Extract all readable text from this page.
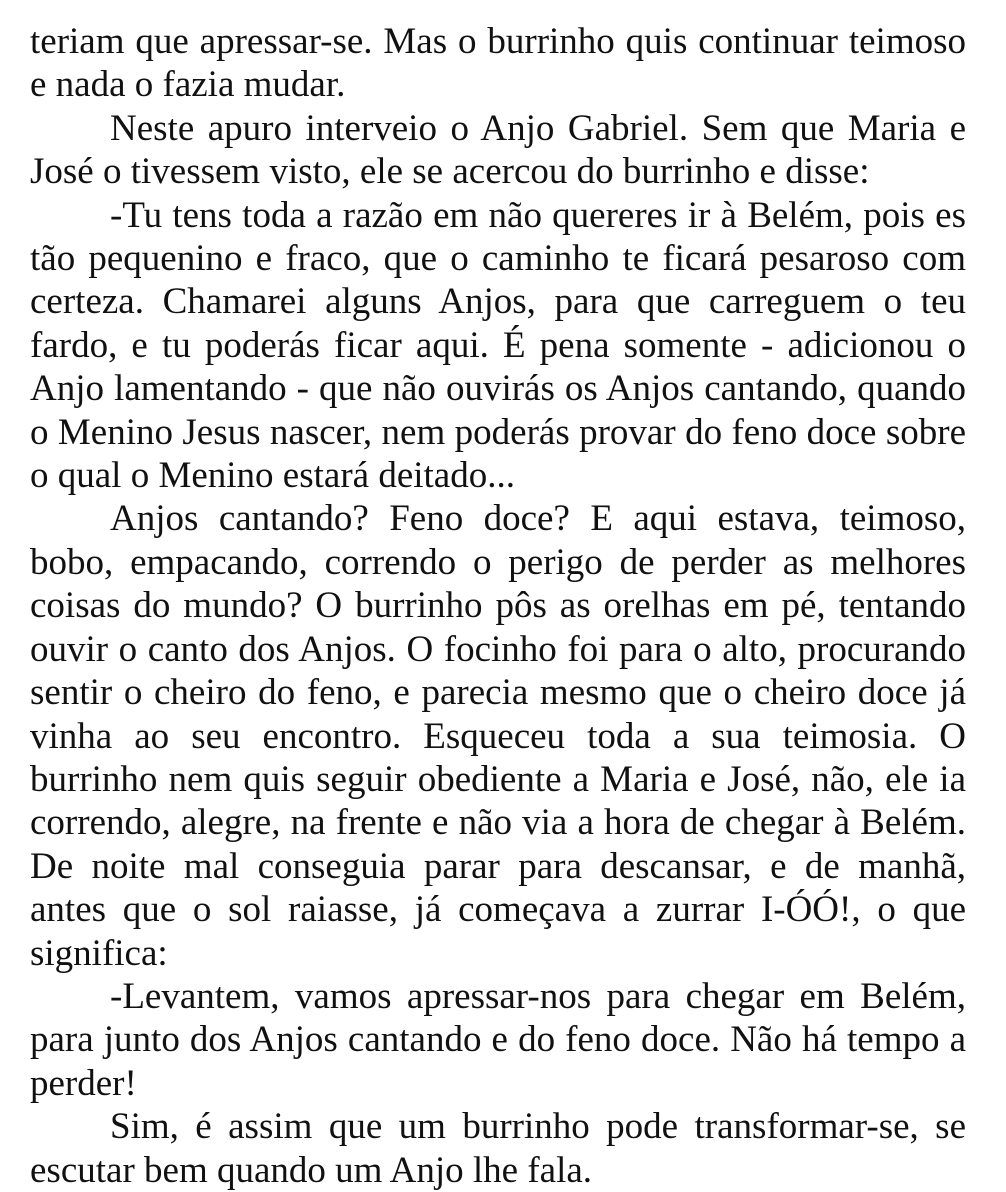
teriam que apressar-se. Mas o burrinho quis continuar teimoso e nada o fazia mudar.

Neste apuro interveio o Anjo Gabriel. Sem que Maria e José o tivessem visto, ele se acercou do burrinho e disse:

-Tu tens toda a razão em não quereres ir à Belém, pois es tão pequenino e fraco, que o caminho te ficará pesaroso com certeza. Chamarei alguns Anjos, para que carreguem o teu fardo, e tu poderás ficar aqui. É pena somente - adicionou o Anjo lamentando - que não ouvirás os Anjos cantando, quando o Menino Jesus nascer, nem poderás provar do feno doce sobre o qual o Menino estará deitado...

Anjos cantando? Feno doce? E aqui estava, teimoso, bobo, empacando, correndo o perigo de perder as melhores coisas do mundo? O burrinho pôs as orelhas em pé, tentando ouvir o canto dos Anjos. O focinho foi para o alto, procurando sentir o cheiro do feno, e parecia mesmo que o cheiro doce já vinha ao seu encontro. Esqueceu toda a sua teimosia. O burrinho nem quis seguir obediente a Maria e José, não, ele ia correndo, alegre, na frente e não via a hora de chegar à Belém. De noite mal conseguia parar para descansar, e de manhã, antes que o sol raiasse, já começava a zurrar I-ÓÓ!, o que significa:

-Levantem, vamos apressar-nos para chegar em Belém, para junto dos Anjos cantando e do feno doce. Não há tempo a perder!

Sim, é assim que um burrinho pode transformar-se, se escutar bem quando um Anjo lhe fala.
